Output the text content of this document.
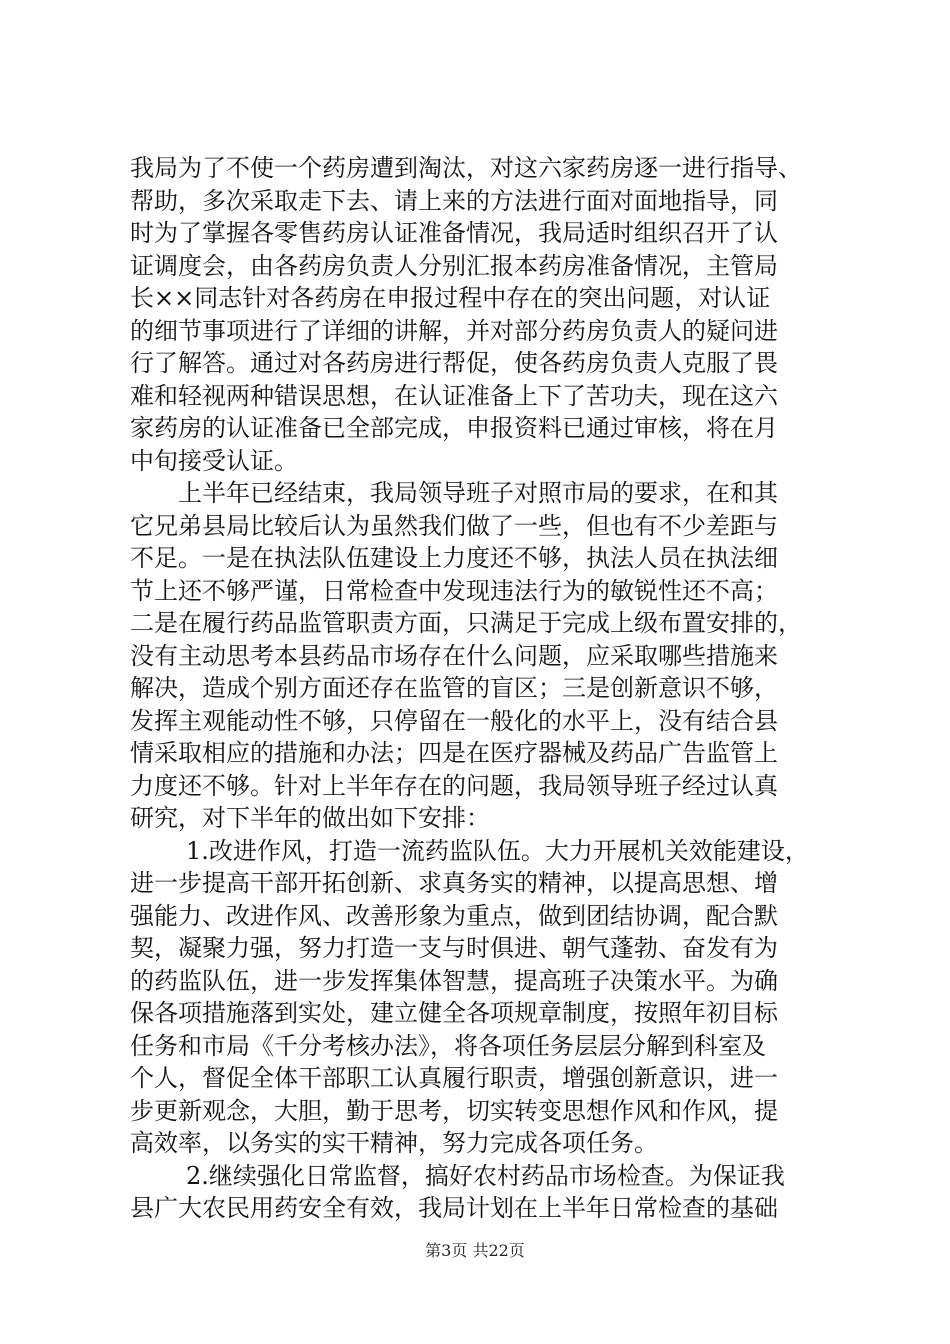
我局为了不使一个药房遭到淘汰，对这六家药房逐一进行指导、
帮助，多次采取走下去、请上来的方法进行面对面地指导，同
时为了掌握各零售药房认证准备情况，我局适时组织召开了认
证调度会，由各药房负责人分别汇报本药房准备情况，主管局
长××同志针对各药房在申报过程中存在的突出问题，对认证
的细节事项进行了详细的讲解，并对部分药房负责人的疑问进
行了解答。通过对各药房进行帮促，使各药房负责人克服了畏
难和轻视两种错误思想，在认证准备上下了苦功夫，现在这六
家药房的认证准备已全部完成，申报资料已通过审核，将在月
中旬接受认证。
上半年已经结束，我局领导班子对照市局的要求，在和其
它兄弟县局比较后认为虽然我们做了一些，但也有不少差距与
不足。一是在执法队伍建设上力度还不够，执法人员在执法细
节上还不够严谨，日常检查中发现违法行为的敏锐性还不高；
二是在履行药品监管职责方面，只满足于完成上级布置安排的，
没有主动思考本县药品市场存在什么问题，应采取哪些措施来
解决，造成个别方面还存在监管的盲区；三是创新意识不够，
发挥主观能动性不够，只停留在一般化的水平上，没有结合县
情采取相应的措施和办法；四是在医疗器械及药品广告监管上
力度还不够。针对上半年存在的问题，我局领导班子经过认真
研究，对下半年的做出如下安排：
1.改进作风，打造一流药监队伍。大力开展机关效能建设，
进一步提高干部开拓创新、求真务实的精神，以提高思想、增
强能力、改进作风、改善形象为重点，做到团结协调，配合默
契，凝聚力强，努力打造一支与时俱进、朝气蓬勃、奋发有为
的药监队伍，进一步发挥集体智慧，提高班子决策水平。为确
保各项措施落到实处，建立健全各项规章制度，按照年初目标
任务和市局《千分考核办法》，将各项任务层层分解到科室及
个人，督促全体干部职工认真履行职责，增强创新意识，进一
步更新观念，大胆，勤于思考，切实转变思想作风和作风，提
高效率，以务实的实干精神，努力完成各项任务。
2.继续强化日常监督，搞好农村药品市场检查。为保证我
县广大农民用药安全有效，我局计划在上半年日常检查的基础
第3页 共22页
